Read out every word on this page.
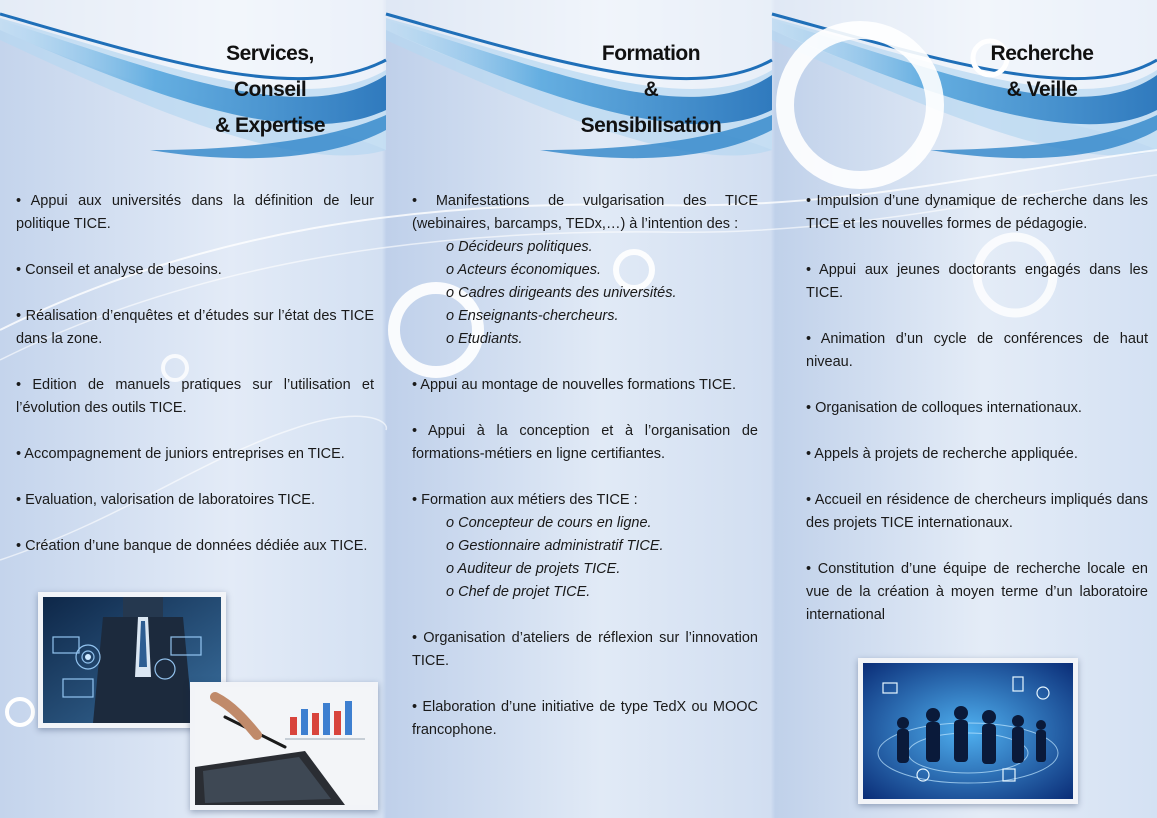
Services, Conseil
& Expertise

• Appui aux universités dans la définition de leur politique TICE.

• Conseil et analyse de besoins.

• Réalisation d’enquêtes et d’études sur l’état des TICE dans la zone.

• Edition de manuels pratiques sur l’utilisation et l’évolution des outils TICE.

• Accompagnement de juniors entreprises en TICE.

• Evaluation, valorisation de laboratoires TICE.

• Création d’une banque de données dédiée aux TICE.

Formation
& Sensibilisation
• Manifestations de vulgarisation des TICE (webinaires, barcamps, TEDx,…) à l’intention des :
o Décideurs politiques.
o Acteurs économiques.
o Cadres dirigeants des universités.
o Enseignants-chercheurs.
o Etudiants.

• Appui au montage de nouvelles formations TICE.

• Appui à la conception et à l’organisation de formations-métiers en ligne certifiantes.

• Formation aux métiers des TICE :
o Concepteur de cours en ligne.
o Gestionnaire administratif TICE.
o Auditeur de projets TICE.
o Chef de projet TICE.

• Organisation d’ateliers de réflexion sur l’innovation TICE.

• Elaboration d’une initiative de type TedX ou MOOC francophone.

Recherche
& Veille

• Impulsion d’une dynamique de recherche dans les TICE et les nouvelles formes de pédagogie.

• Appui aux jeunes doctorants engagés dans les TICE.

• Animation d’un cycle de conférences de haut niveau.

• Organisation de colloques internationaux.

• Appels à projets de recherche appliquée.

• Accueil en résidence de chercheurs impliqués dans des projets TICE internationaux.

• Constitution d’une équipe de recherche locale en vue de la création à moyen terme d’un laboratoire international
